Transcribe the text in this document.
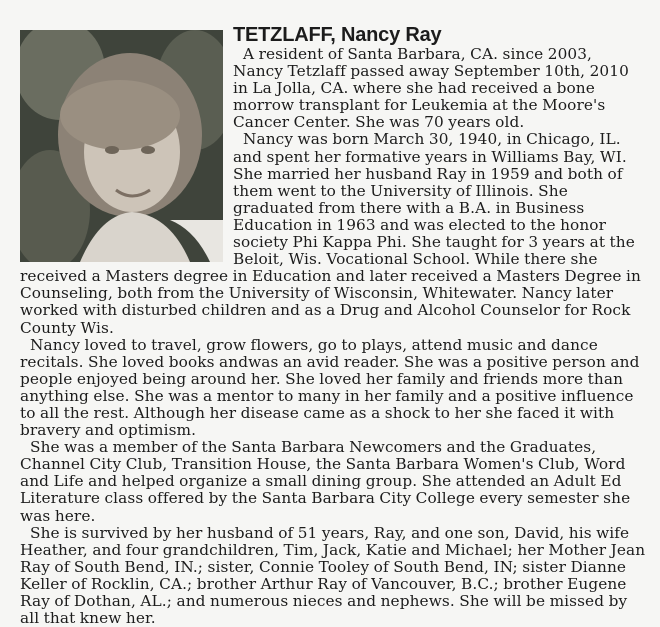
TETZLAFF, Nancy Ray

A resident of Santa Barbara, CA. since 2003, Nancy Tetzlaff passed away September 10th, 2010 in La Jolla, CA. where she had received a bone morrow transplant for Leukemia at the Moore's Cancer Center. She was 70 years old.

Nancy was born March 30, 1940, in Chicago, IL. and spent her formative years in Williams Bay, WI. She married her husband Ray in 1959 and both of them went to the University of Illinois. She graduated from there with a B.A. in Business Education in 1963 and was elected to the honor society Phi Kappa Phi. She taught for 3 years at the Beloit, Wis. Vocational School. While there she received a Masters degree in Education and later received a Masters Degree in Counseling, both from the University of Wisconsin, Whitewater. Nancy later worked with disturbed children and as a Drug and Alcohol Counselor for Rock County Wis.

Nancy loved to travel, grow flowers, go to plays, attend music and dance recitals. She loved books andwas an avid reader. She was a positive person and people enjoyed being around her. She loved her family and friends more than anything else. She was a mentor to many in her family and a positive influence to all the rest. Although her disease came as a shock to her she faced it with bravery and optimism.

She was a member of the Santa Barbara Newcomers and the Graduates, Channel City Club, Transition House, the Santa Barbara Women's Club, Word and Life and helped organize a small dining group. She attended an Adult Ed Literature class offered by the Santa Barbara City College every semester she was here.

She is survived by her husband of 51 years, Ray, and one son, David, his wife Heather, and four grandchildren, Tim, Jack, Katie and Michael; her Mother Jean Ray of South Bend, IN.; sister, Connie Tooley of South Bend, IN; sister Dianne Keller of Rocklin, CA.; brother Arthur Ray of Vancouver, B.C.; brother Eugene Ray of Dothan, AL.; and numerous nieces and nephews. She will be missed by all that knew her.
